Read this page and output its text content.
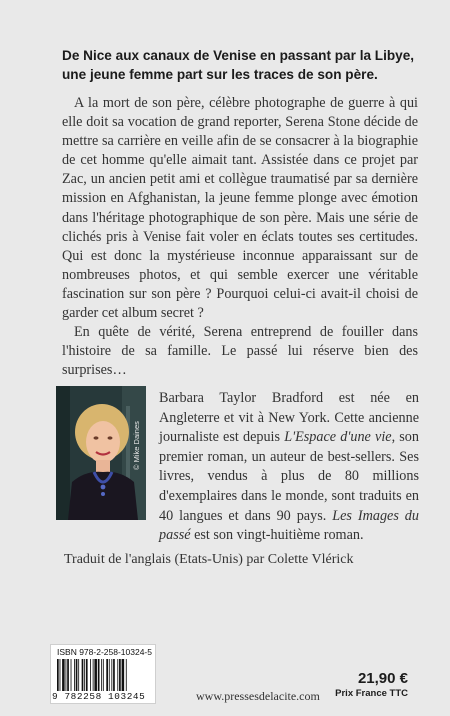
De Nice aux canaux de Venise en passant par la Libye,
une jeune femme part sur les traces de son père.

A la mort de son père, célèbre photographe de guerre à qui elle doit sa vocation de grand reporter, Serena Stone décide de mettre sa carrière en veille afin de se consacrer à la biographie de cet homme qu'elle aimait tant. Assistée dans ce projet par Zac, un ancien petit ami et collègue traumatisé par sa dernière mission en Afghanistan, la jeune femme plonge avec émotion dans l'héritage photographique de son père. Mais une série de clichés pris à Venise fait voler en éclats toutes ses certitudes. Qui est donc la mystérieuse inconnue apparaissant sur de nombreuses photos, et qui semble exercer une véritable fascination sur son père ? Pourquoi celui-ci avait-il choisi de garder cet album secret ?

En quête de vérité, Serena entreprend de fouiller dans l'histoire de sa famille. Le passé lui réserve bien des surprises…

© Mike Daines
Barbara Taylor Bradford est née en Angleterre et vit à New York. Cette ancienne journaliste est depuis L'Espace d'une vie, son premier roman, un auteur de best-sellers. Ses livres, vendus à plus de 80 millions d'exemplaires dans le monde, sont traduits en 40 langues et dans 90 pays. Les Images du passé est son vingt-huitième roman.
Traduit de l'anglais (Etats-Unis) par Colette Vlérick
ISBN 978-2-258-10324-5
9 782258 103245	www.pressesdelacite.com
21,90 €
Prix France TTC
